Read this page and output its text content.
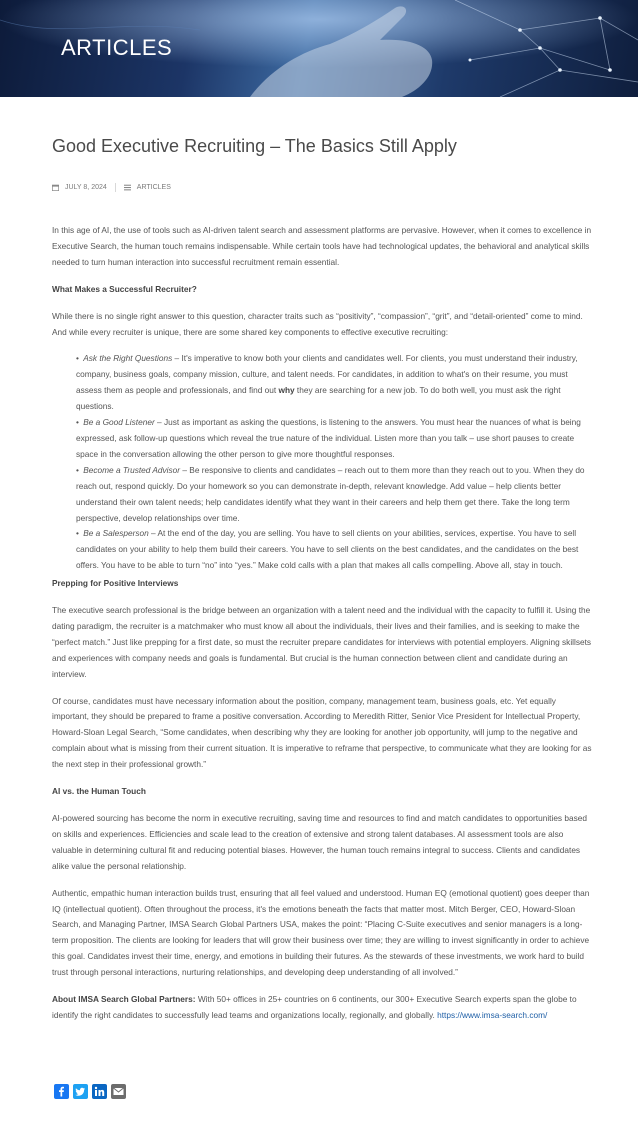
ARTICLES
Good Executive Recruiting – The Basics Still Apply
JULY 8, 2024	ARTICLES

In this age of AI, the use of tools such as AI-driven talent search and assessment platforms are pervasive. However, when it comes to excellence in Executive Search, the human touch remains indispensable. While certain tools have had technological updates, the behavioral and analytical skills needed to turn human interaction into successful recruitment remain essential.

What Makes a Successful Recruiter?

While there is no single right answer to this question, character traits such as “positivity”, “compassion”, “grit”, and “detail-oriented” come to mind. And while every recruiter is unique, there are some shared key components to effective executive recruiting:

• Ask the Right Questions – It's imperative to know both your clients and candidates well. For clients, you must understand their industry, company, business goals, company mission, culture, and talent needs. For candidates, in addition to what's on their resume, you must assess them as people and professionals, and find out why they are searching for a new job. To do both well, you must ask the right questions.
• Be a Good Listener – Just as important as asking the questions, is listening to the answers. You must hear the nuances of what is being expressed, ask follow-up questions which reveal the true nature of the individual. Listen more than you talk – use short pauses to create space in the conversation allowing the other person to give more thoughtful responses.
• Become a Trusted Advisor – Be responsive to clients and candidates – reach out to them more than they reach out to you. When they do reach out, respond quickly. Do your homework so you can demonstrate in-depth, relevant knowledge. Add value – help clients better understand their own talent needs; help candidates identify what they want in their careers and help them get there. Take the long term perspective, develop relationships over time.
• Be a Salesperson – At the end of the day, you are selling. You have to sell clients on your abilities, services, expertise. You have to sell candidates on your ability to help them build their careers. You have to sell clients on the best candidates, and the candidates on the best offers. You have to be able to turn “no” into “yes.” Make cold calls with a plan that makes all calls compelling. Above all, stay in touch.
Prepping for Positive Interviews

The executive search professional is the bridge between an organization with a talent need and the individual with the capacity to fulfill it. Using the dating paradigm, the recruiter is a matchmaker who must know all about the individuals, their lives and their families, and is seeking to make the “perfect match.” Just like prepping for a first date, so must the recruiter prepare candidates for interviews with potential employers. Aligning skillsets and experiences with company needs and goals is fundamental. But crucial is the human connection between client and candidate during an interview.

Of course, candidates must have necessary information about the position, company, management team, business goals, etc. Yet equally important, they should be prepared to frame a positive conversation. According to Meredith Ritter, Senior Vice President for Intellectual Property, Howard-Sloan Legal Search, “Some candidates, when describing why they are looking for another job opportunity, will jump to the negative and complain about what is missing from their current situation. It is imperative to reframe that perspective, to communicate what they are looking for as the next step in their professional growth.”

AI vs. the Human Touch

AI-powered sourcing has become the norm in executive recruiting, saving time and resources to find and match candidates to opportunities based on skills and experiences. Efficiencies and scale lead to the creation of extensive and strong talent databases. AI assessment tools are also valuable in determining cultural fit and reducing potential biases. However, the human touch remains integral to success. Clients and candidates alike value the personal relationship.

Authentic, empathic human interaction builds trust, ensuring that all feel valued and understood. Human EQ (emotional quotient) goes deeper than IQ (intellectual quotient). Often throughout the process, it's the emotions beneath the facts that matter most. Mitch Berger, CEO, Howard-Sloan Search, and Managing Partner, IMSA Search Global Partners USA, makes the point: “Placing C-Suite executives and senior managers is a long-term proposition. The clients are looking for leaders that will grow their business over time; they are willing to invest significantly in order to achieve this goal. Candidates invest their time, energy, and emotions in building their futures. As the stewards of these investments, we work hard to build trust through personal interactions, nurturing relationships, and developing deep understanding of all involved.”

About IMSA Search Global Partners: With 50+ offices in 25+ countries on 6 continents, our 300+ Executive Search experts span the globe to identify the right candidates to successfully lead teams and organizations locally, regionally, and globally. https://www.imsa-search.com/
